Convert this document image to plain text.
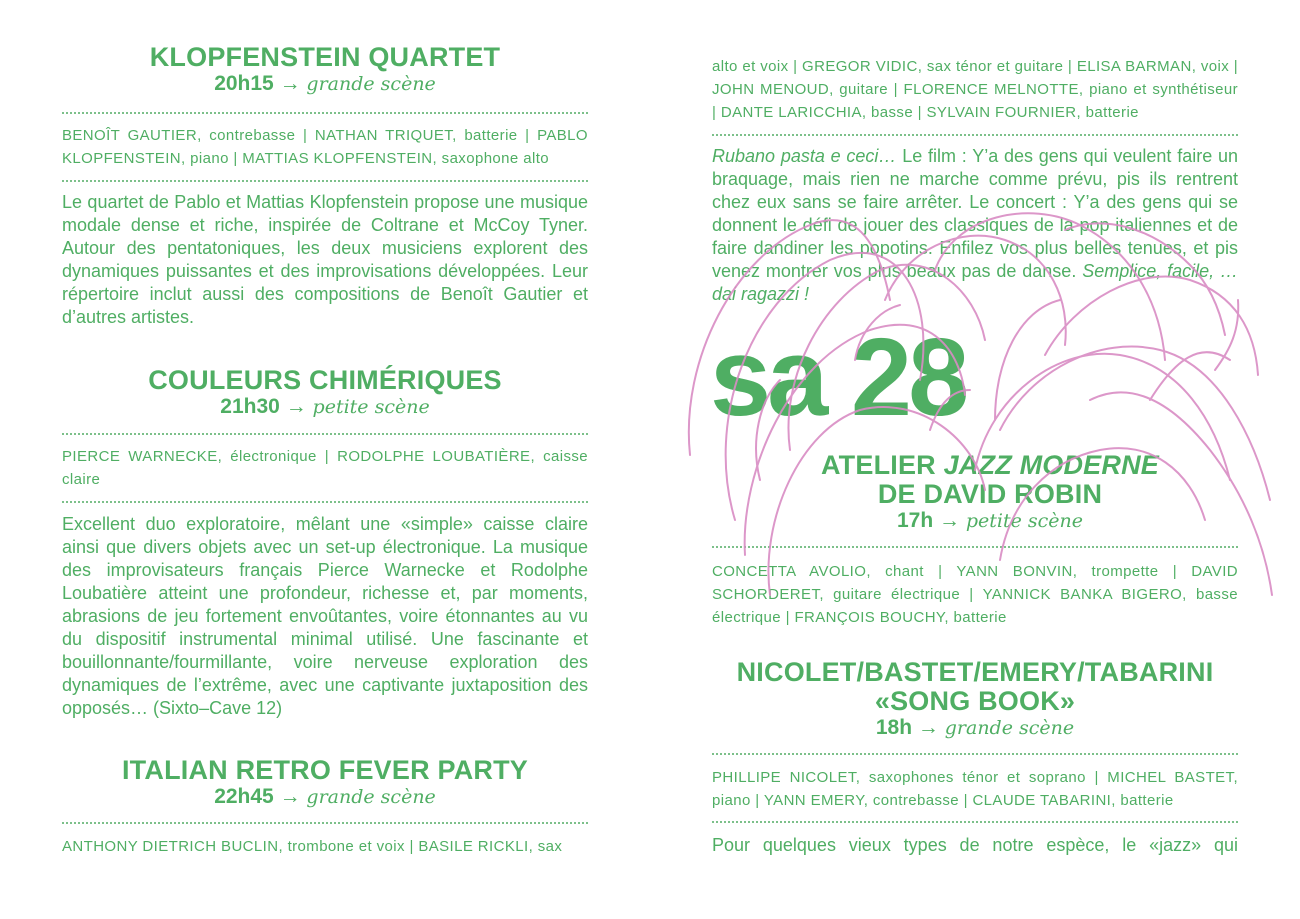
KLOPFENSTEIN QUARTET
20h15 → grande scène
BENOÎT GAUTIER, contrebasse | NATHAN TRIQUET, batterie | PABLO KLOPFENSTEIN, piano | MATTIAS KLOPFENSTEIN, saxophone alto
Le quartet de Pablo et Mattias Klopfenstein propose une musique modale dense et riche, inspirée de Coltrane et McCoy Tyner. Autour des pentatoniques, les deux musiciens explorent des dynamiques puissantes et des improvisations développées. Leur répertoire inclut aussi des compositions de Benoît Gautier et d’autres artistes.
COULEURS CHIMÉRIQUES
21h30 → petite scène
PIERCE WARNECKE, électronique | RODOLPHE LOUBATIÈRE, caisse claire
Excellent duo exploratoire, mêlant une «simple» caisse claire ainsi que divers objets avec un set-up électronique. La musique des improvisateurs français Pierce Warnecke et Rodolphe Loubatière atteint une profondeur, richesse et, par moments, abrasions de jeu fortement envoûtantes, voire étonnantes au vu du dispositif instrumental minimal utilisé. Une fascinante et bouillonnante/fourmillante, voire nerveuse exploration des dynamiques de l’extrême, avec une captivante juxtaposition des opposés… (Sixto–Cave 12)
ITALIAN RETRO FEVER PARTY
22h45 → grande scène
ANTHONY DIETRICH BUCLIN, trombone et voix | BASILE RICKLI, sax
alto et voix | GREGOR VIDIC, sax ténor et guitare | ELISA BARMAN, voix | JOHN MENOUD, guitare | FLORENCE MELNOTTE, piano et synthétiseur | DANTE LARICCHIA, basse | SYLVAIN FOURNIER, batterie
Rubano pasta e ceci… Le film : Y’a des gens qui veulent faire un braquage, mais rien ne marche comme prévu, pis ils rentrent chez eux sans se faire arrêter. Le concert : Y’a des gens qui se donnent le défi de jouer des classiques de la pop italiennes et de faire dandiner les popotins. Enfilez vos plus belles tenues, et pis venez montrer vos plus beaux pas de danse. Semplice, facile, …dai ragazzi !
ATELIER JAZZ MODERNE
DE DAVID ROBIN
17h → petite scène
CONCETTA AVOLIO, chant | YANN BONVIN, trompette | DAVID SCHORDERET, guitare électrique | YANNICK BANKA BIGERO, basse électrique | FRANÇOIS BOUCHY, batterie
NICOLET/BASTET/EMERY/TABARINI
«SONG BOOK»
18h → grande scène
PHILLIPE NICOLET, saxophones ténor et soprano | MICHEL BASTET, piano | YANN EMERY, contrebasse | CLAUDE TABARINI, batterie
Pour quelques vieux types de notre espèce, le «jazz» qui
sa 28
